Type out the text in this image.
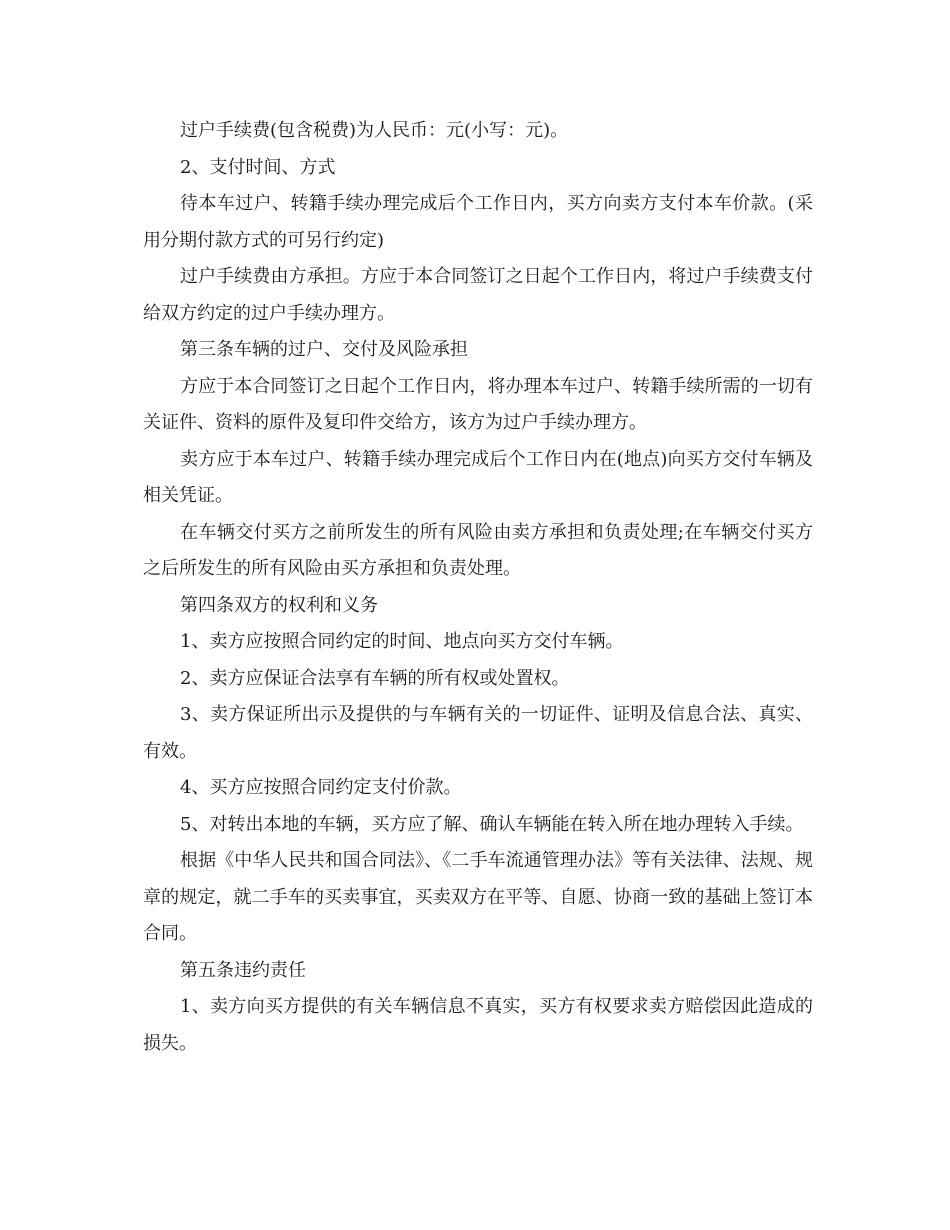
过户手续费(包含税费)为人民币：元(小写：元)。

2、支付时间、方式

待本车过户、转籍手续办理完成后个工作日内，买方向卖方支付本车价款。(采用分期付款方式的可另行约定)

过户手续费由方承担。方应于本合同签订之日起个工作日内，将过户手续费支付给双方约定的过户手续办理方。

第三条车辆的过户、交付及风险承担

方应于本合同签订之日起个工作日内，将办理本车过户、转籍手续所需的一切有关证件、资料的原件及复印件交给方，该方为过户手续办理方。

卖方应于本车过户、转籍手续办理完成后个工作日内在(地点)向买方交付车辆及相关凭证。

在车辆交付买方之前所发生的所有风险由卖方承担和负责处理;在车辆交付买方之后所发生的所有风险由买方承担和负责处理。

第四条双方的权利和义务

1、卖方应按照合同约定的时间、地点向买方交付车辆。

2、卖方应保证合法享有车辆的所有权或处置权。

3、卖方保证所出示及提供的与车辆有关的一切证件、证明及信息合法、真实、有效。

4、买方应按照合同约定支付价款。

5、对转出本地的车辆，买方应了解、确认车辆能在转入所在地办理转入手续。

根据《中华人民共和国合同法》、《二手车流通管理办法》等有关法律、法规、规章的规定，就二手车的买卖事宜，买卖双方在平等、自愿、协商一致的基础上签订本合同。

第五条违约责任

1、卖方向买方提供的有关车辆信息不真实，买方有权要求卖方赔偿因此造成的损失。
